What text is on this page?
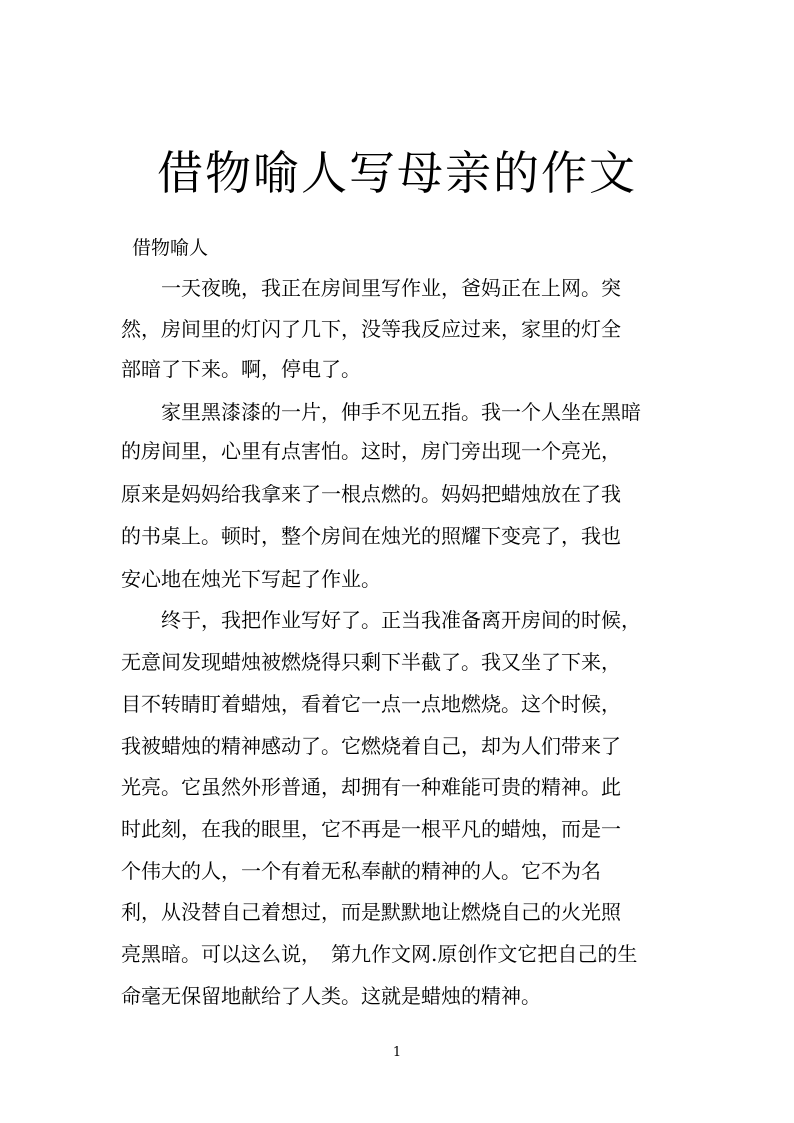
借物喻人写母亲的作文
借物喻人
　　一天夜晚，我正在房间里写作业，爸妈正在上网。突
然，房间里的灯闪了几下，没等我反应过来，家里的灯全
部暗了下来。啊，停电了。
　　家里黑漆漆的一片，伸手不见五指。我一个人坐在黑暗
的房间里，心里有点害怕。这时，房门旁出现一个亮光，
原来是妈妈给我拿来了一根点燃的。妈妈把蜡烛放在了我
的书桌上。顿时，整个房间在烛光的照耀下变亮了，我也
安心地在烛光下写起了作业。
　　终于，我把作业写好了。正当我准备离开房间的时候，
无意间发现蜡烛被燃烧得只剩下半截了。我又坐了下来，
目不转睛盯着蜡烛，看着它一点一点地燃烧。这个时候，
我被蜡烛的精神感动了。它燃烧着自己，却为人们带来了
光亮。它虽然外形普通，却拥有一种难能可贵的精神。此
时此刻，在我的眼里，它不再是一根平凡的蜡烛，而是一
个伟大的人，一个有着无私奉献的精神的人。它不为名
利，从没替自己着想过，而是默默地让燃烧自己的火光照
亮黑暗。可以这么说，　第九作文网.原创作文它把自己的生
命毫无保留地献给了人类。这就是蜡烛的精神。
1
